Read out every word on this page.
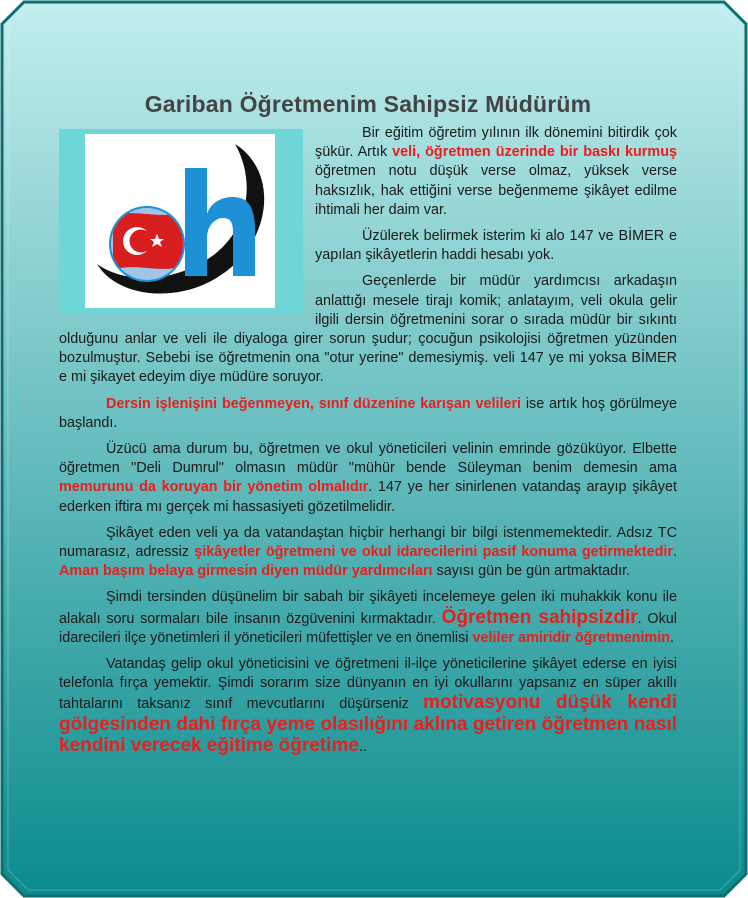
Gariban Öğretmenim Sahipsiz Müdürüm

Bir eğitim öğretim yılının ilk dönemini bitirdik çok şükür. Artık veli, öğretmen üzerinde bir baskı kurmuş öğretmen notu düşük verse olmaz, yüksek verse haksızlık, hak ettiğini verse beğenmeme şikâyet edilme ihtimali her daim var.

Üzülerek belirmek isterim ki alo 147 ve BİMER e yapılan şikâyetlerin haddi hesabı yok.

Geçenlerde bir müdür yardımcısı arkadaşın anlattığı mesele tirajı komik; anlatayım, veli okula gelir ilgili dersin öğretmenini sorar o sırada müdür bir sıkıntı olduğunu anlar ve veli ile diyaloga girer sorun şudur; çocuğun psikolojisi öğretmen yüzünden bozulmuştur. Sebebi ise öğretmenin ona "otur yerine" demesiymiş. veli 147 ye mi yoksa BİMER e mi şikayet edeyim diye müdüre soruyor.

Dersin işlenişini beğenmeyen, sınıf düzenine karışan velileri ise artık hoş görülmeye başlandı.

Üzücü ama durum bu, öğretmen ve okul yöneticileri velinin emrinde gözüküyor. Elbette öğretmen "Deli Dumrul" olmasın müdür "mühür bende Süleyman benim demesin ama memurunu da koruyan bir yönetim olmalıdır. 147 ye her sinirlenen vatandaş arayıp şikâyet ederken iftira mı gerçek mi hassasiyeti gözetilmelidir.

Şikâyet eden veli ya da vatandaştan hiçbir herhangi bir bilgi istenmemektedir. Adsız TC numarasız, adressiz şikâyetler öğretmeni ve okul idarecilerini pasif konuma getirmektedir. Aman başım belaya girmesin diyen müdür yardımcıları sayısı gün be gün artmaktadır.

Şimdi tersinden düşünelim bir sabah bir şikâyeti incelemeye gelen iki muhakkik konu ile alakalı soru sormaları bile insanın özgüvenini kırmaktadır. Öğretmen sahipsizdir. Okul idarecileri ilçe yönetimleri il yöneticileri müfettişler ve en önemlisi veliler amiridir öğretmenimin.

Vatandaş gelip okul yöneticisini ve öğretmeni il-ilçe yöneticilerine şikâyet ederse en iyisi telefonla fırça yemektir. Şimdi sorarım size dünyanın en iyi okullarını yapsanız en süper akıllı tahtalarını taksanız sınıf mevcutlarını düşürseniz motivasyonu düşük kendi gölgesinden dahi fırça yeme olasılığını aklına getiren öğretmen nasıl kendini verecek eğitime öğretime..
